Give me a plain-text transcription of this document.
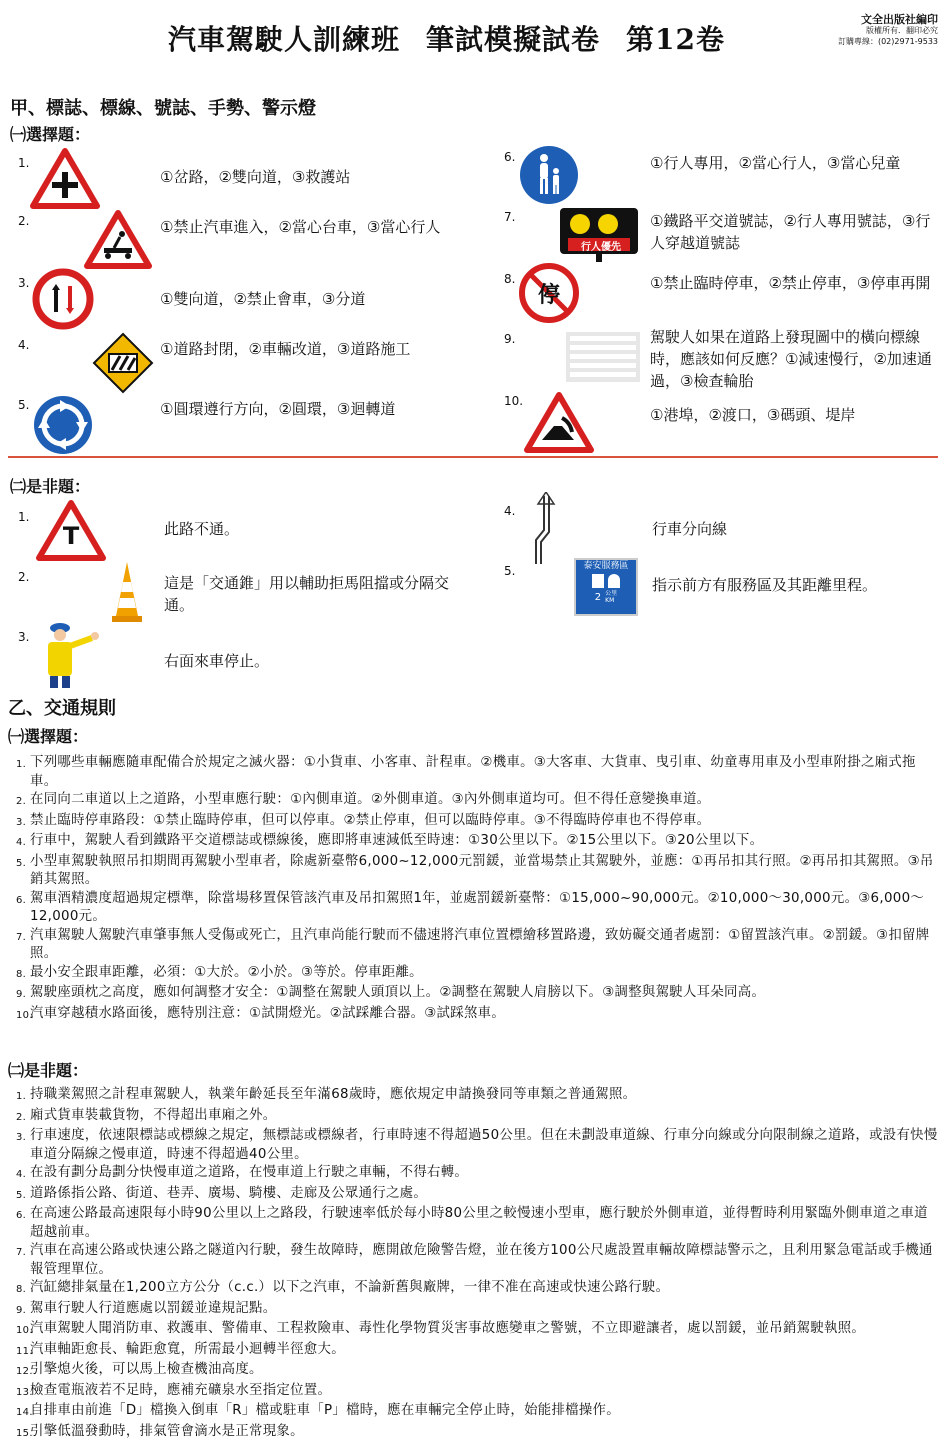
汽車駕駛人訓練班 筆試模擬試卷 第12卷
文全出版社編印
版權所有．翻印必究
訂購專線：(02)2971-9533
甲、標誌、標線、號誌、手勢、警示燈
㈠選擇題：
1.
①岔路，②雙向道，③救護站
2.	①禁止汽車進入，②當心台車，③當心行人
3.
①雙向道，②禁止會車，③分道
4.	①道路封閉，②車輛改道，③道路施工
5.	①圓環遵行方向，②圓環，③迴轉道
6.	①行人專用，②當心行人，③當心兒童
7.
行人優先
①鐵路平交道號誌，②行人專用號誌，③行人穿越道號誌
8.
停	①禁止臨時停車，②禁止停車，③停車再開
9.	駕駛人如果在道路上發現圖中的橫向標線時，應該如何反應？①減速慢行，②加速通過，③檢查輪胎
10.
①港埠，②渡口，③碼頭、堤岸
㈡是非題：
1.
T	此路不通。
2.	這是「交通錐」用以輔助拒馬阻擋或分隔交通。
3.
右面來車停止。
4.
行車分向線
5.	泰安服務區
2 公里
KM
指示前方有服務區及其距離里程。
乙、交通規則
㈠選擇題：
1. 下列哪些車輛應隨車配備合於規定之滅火器：①小貨車、小客車、計程車。②機車。③大客車、大貨車、曳引車、幼童專用車及小型車附掛之廂式拖車。
2. 在同向二車道以上之道路，小型車應行駛：①內側車道。②外側車道。③內外側車道均可。但不得任意變換車道。
3. 禁止臨時停車路段：①禁止臨時停車，但可以停車。②禁止停車，但可以臨時停車。③不得臨時停車也不得停車。
4. 行車中，駕駛人看到鐵路平交道標誌或標線後，應即將車速減低至時速：①30公里以下。②15公里以下。③20公里以下。
5. 小型車駕駛執照吊扣期間再駕駛小型車者，除處新臺幣6,000~12,000元罰鍰，並當場禁止其駕駛外，並應：①再吊扣其行照。②再吊扣其駕照。③吊銷其駕照。
6. 駕車酒精濃度超過規定標準，除當場移置保管該汽車及吊扣駕照1年，並處罰鍰新臺幣：①15,000~90,000元。②10,000～30,000元。③6,000～12,000元。
7. 汽車駕駛人駕駛汽車肇事無人受傷或死亡，且汽車尚能行駛而不儘速將汽車位置標繪移置路邊，致妨礙交通者處罰：①留置該汽車。②罰鍰。③扣留牌照。
8. 最小安全跟車距離，必須：①大於。②小於。③等於。停車距離。
9. 駕駛座頭枕之高度，應如何調整才安全：①調整在駕駛人頭頂以上。②調整在駕駛人肩膀以下。③調整與駕駛人耳朵同高。
10.
汽車穿越積水路面後，應特別注意：①試開燈光。②試踩離合器。③試踩煞車。
㈡是非題：
1. 持職業駕照之計程車駕駛人，執業年齡延長至年滿68歲時，應依規定申請換發同等車類之普通駕照。
2. 廂式貨車裝載貨物，不得超出車廂之外。
3. 行車速度，依速限標誌或標線之規定，無標誌或標線者，行車時速不得超過50公里。但在未劃設車道線、行車分向線或分向限制線之道路，或設有快慢車道分隔線之慢車道，時速不得超過40公里。
4. 在設有劃分島劃分快慢車道之道路，在慢車道上行駛之車輛，不得右轉。
5. 道路係指公路、街道、巷弄、廣場、騎樓、走廊及公眾通行之處。
6. 在高速公路最高速限每小時90公里以上之路段，行駛速率低於每小時80公里之較慢速小型車，應行駛於外側車道，並得暫時利用緊臨外側車道之車道超越前車。
7. 汽車在高速公路或快速公路之隧道內行駛，發生故障時，應開啟危險警告燈，並在後方100公尺處設置車輛故障標誌警示之，且利用緊急電話或手機通報管理單位。
8. 汽缸總排氣量在1,200立方公分（c.c.）以下之汽車，不論新舊與廠牌，一律不准在高速或快速公路行駛。
9. 駕車行駛人行道應處以罰鍰並違規記點。
10.
汽車駕駛人聞消防車、救護車、警備車、工程救險車、毒性化學物質災害事故應變車之警號，不立即避讓者，處以罰鍰，並吊銷駕駛執照。
11.
汽車軸距愈長、輪距愈寬，所需最小迴轉半徑愈大。
12.
引擎熄火後，可以馬上檢查機油高度。
13.
檢查電瓶液若不足時，應補充礦泉水至指定位置。
14.
自排車由前進「D」檔換入倒車「R」檔或駐車「P」檔時，應在車輛完全停止時，始能排檔操作。
15.
引擎低溫發動時，排氣管會滴水是正常現象。
